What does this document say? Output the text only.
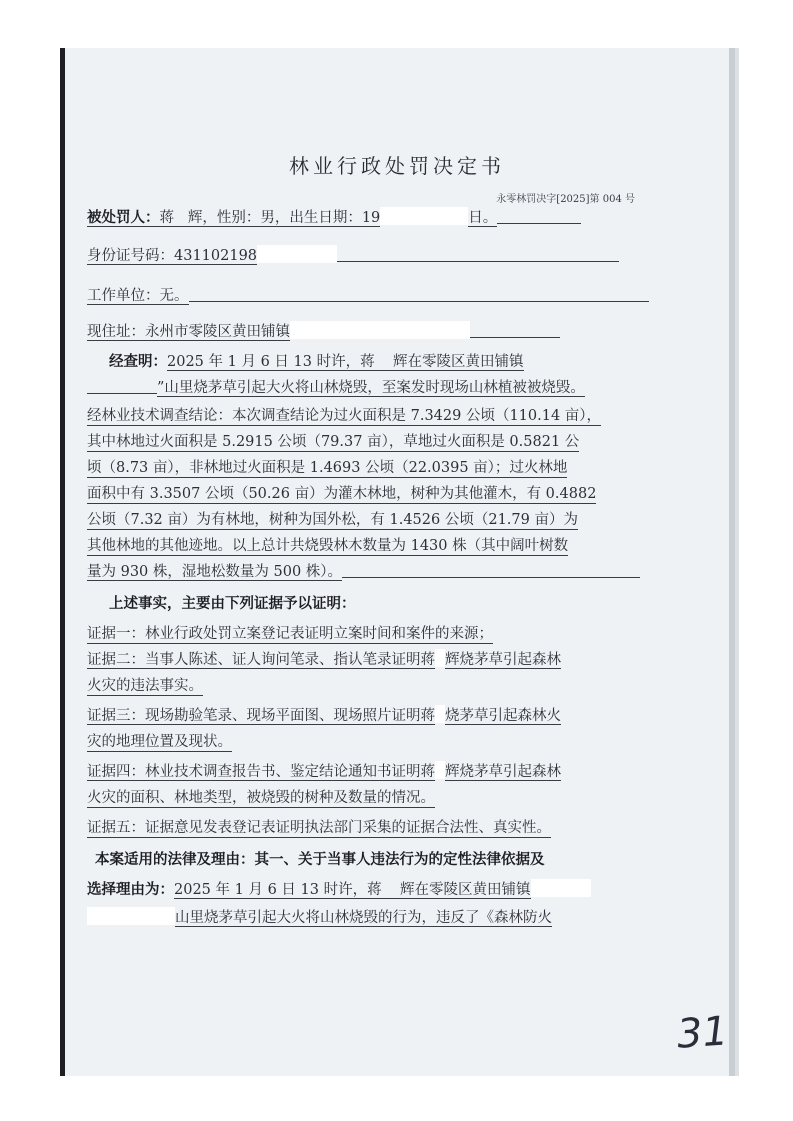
林业行政处罚决定书
永零林罚决字[2025]第 004 号
被处罚人：蒋 辉，性别：男，出生日期：19	日。
身份证号码：431102198
工作单位：无。
现住址：永州市零陵区黄田铺镇
经查明：2025 年 1 月 6 日 13 时许，蒋 辉在零陵区黄田铺镇
”山里烧茅草引起大火将山林烧毁，至案发时现场山林植被被烧毁。
经林业技术调查结论：本次调查结论为过火面积是 7.3429 公顷（110.14 亩），
其中林地过火面积是 5.2915 公顷（79.37 亩），草地过火面积是 0.5821 公
顷（8.73 亩），非林地过火面积是 1.4693 公顷（22.0395 亩）；过火林地
面积中有 3.3507 公顷（50.26 亩）为灌木林地，树种为其他灌木，有 0.4882
公顷（7.32 亩）为有林地，树种为国外松，有 1.4526 公顷（21.79 亩）为
其他林地的其他迹地。以上总计共烧毁林木数量为 1430 株（其中阔叶树数
量为 930 株，湿地松数量为 500 株）。
上述事实，主要由下列证据予以证明：
证据一：林业行政处罚立案登记表证明立案时间和案件的来源；
证据二：当事人陈述、证人询问笔录、指认笔录证明蒋 辉烧茅草引起森林
火灾的违法事实。
证据三：现场勘验笔录、现场平面图、现场照片证明蒋 烧茅草引起森林火
灾的地理位置及现状。
证据四：林业技术调查报告书、鉴定结论通知书证明蒋 辉烧茅草引起森林
火灾的面积、林地类型，被烧毁的树种及数量的情况。
证据五：证据意见发表登记表证明执法部门采集的证据合法性、真实性。
本案适用的法律及理由：其一、关于当事人违法行为的定性法律依据及
选择理由为：2025 年 1 月 6 日 13 时许，蒋 辉在零陵区黄田铺镇
山里烧茅草引起大火将山林烧毁的行为，违反了《森林防火
31
